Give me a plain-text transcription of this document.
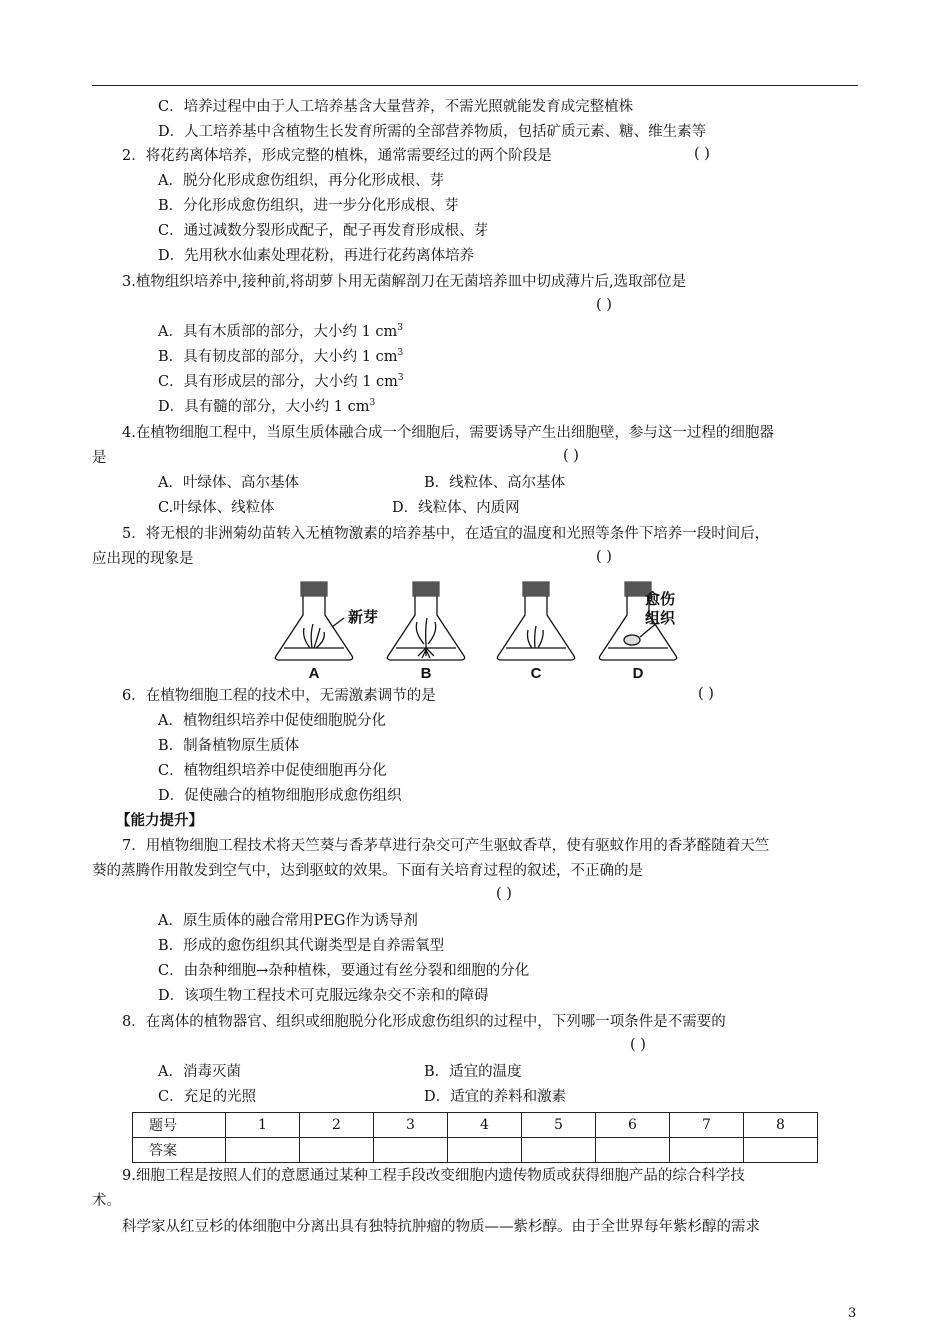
C．培养过程中由于人工培养基含大量营养，不需光照就能发育成完整植株
D．人工培养基中含植物生长发育所需的全部营养物质，包括矿质元素、糖、维生素等
2．将花药离体培养，形成完整的植株，通常需要经过的两个阶段是	( )
A．脱分化形成愈伤组织，再分化形成根、芽
B．分化形成愈伤组织，进一步分化形成根、芽
C．通过减数分裂形成配子，配子再发育形成根、芽
D．先用秋水仙素处理花粉，再进行花药离体培养
3.植物组织培养中,接种前,将胡萝卜用无菌解剖刀在无菌培养皿中切成薄片后,选取部位是
( )
A．具有木质部的部分，大小约 1 $cm^3$
B．具有韧皮部的部分，大小约 1 $cm^3$
C．具有形成层的部分，大小约 1 $cm^3$
D．具有髓的部分，大小约 1 $cm^3$
4.在植物细胞工程中，当原生质体融合成一个细胞后，需要诱导产生出细胞壁，参与这一过程的细胞器
是	( )
A．叶绿体、高尔基体	B．线粒体、高尔基体
C.叶绿体、线粒体	D．线粒体、内质网
5．将无根的非洲菊幼苗转入无植物激素的培养基中，在适宜的温度和光照等条件下培养一段时间后，
应出现的现象是	( )
新芽
愈伤
组织
A	B	C	D
6．在植物细胞工程的技术中，无需激素调节的是	( )
A．植物组织培养中促使细胞脱分化
B．制备植物原生质体
C．植物组织培养中促使细胞再分化
D．促使融合的植物细胞形成愈伤组织
【能力提升】
7．用植物细胞工程技术将天竺葵与香茅草进行杂交可产生驱蚊香草，使有驱蚊作用的香茅醛随着天竺
葵的蒸腾作用散发到空气中，达到驱蚊的效果。下面有关培育过程的叙述，不正确的是
( )
A．原生质体的融合常用PEG作为诱导剂
B．形成的愈伤组织其代谢类型是自养需氧型
C．由杂种细胞→杂种植株，要通过有丝分裂和细胞的分化
D．该项生物工程技术可克服远缘杂交不亲和的障碍
8．在离体的植物器官、组织或细胞脱分化形成愈伤组织的过程中，下列哪一项条件是不需要的
( )
A．消毒灭菌	B．适宜的温度
C．充足的光照	D．适宜的养料和激素
题号	1	2	3	4	5	6	7	8
答案								
9.细胞工程是按照人们的意愿通过某种工程手段改变细胞内遗传物质或获得细胞产品的综合科学技
术。
科学家从红豆杉的体细胞中分离出具有独特抗肿瘤的物质——紫杉醇。由于全世界每年紫杉醇的需求
3
